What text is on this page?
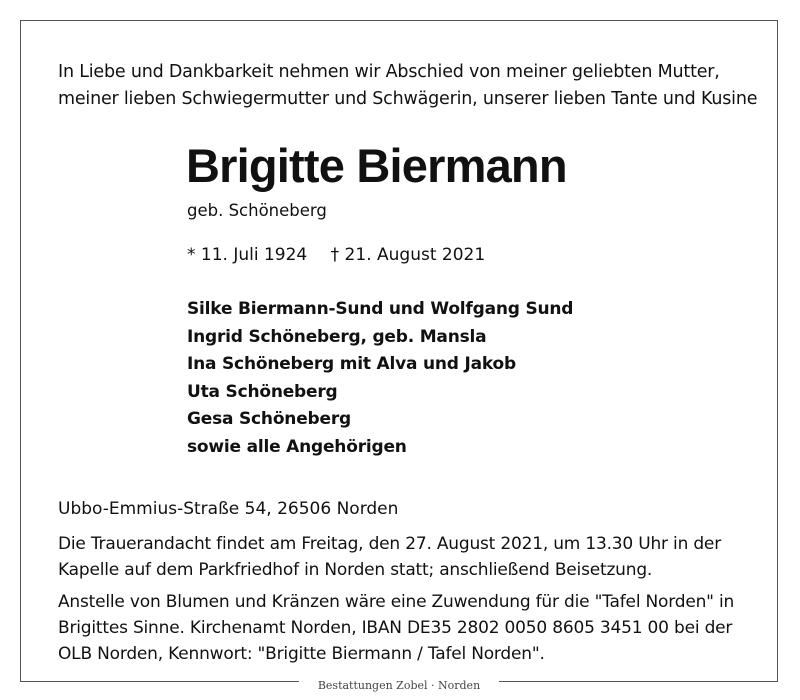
In Liebe und Dankbarkeit nehmen wir Abschied von meiner geliebten Mutter,
meiner lieben Schwiegermutter und Schwägerin, unserer lieben Tante und Kusine
Brigitte Biermann
geb. Schöneberg
* 11. Juli 1924 † 21. August 2021
Silke Biermann-Sund und Wolfgang Sund
Ingrid Schöneberg, geb. Mansla
Ina Schöneberg mit Alva und Jakob
Uta Schöneberg
Gesa Schöneberg
sowie alle Angehörigen
Ubbo-Emmius-Straße 54, 26506 Norden
Die Trauerandacht findet am Freitag, den 27. August 2021, um 13.30 Uhr in der
Kapelle auf dem Parkfriedhof in Norden statt; anschließend Beisetzung.
Anstelle von Blumen und Kränzen wäre eine Zuwendung für die "Tafel Norden" in
Brigittes Sinne. Kirchenamt Norden, IBAN DE35 2802 0050 8605 3451 00 bei der
OLB Norden, Kennwort: "Brigitte Biermann / Tafel Norden".
Bestattungen Zobel · Norden
